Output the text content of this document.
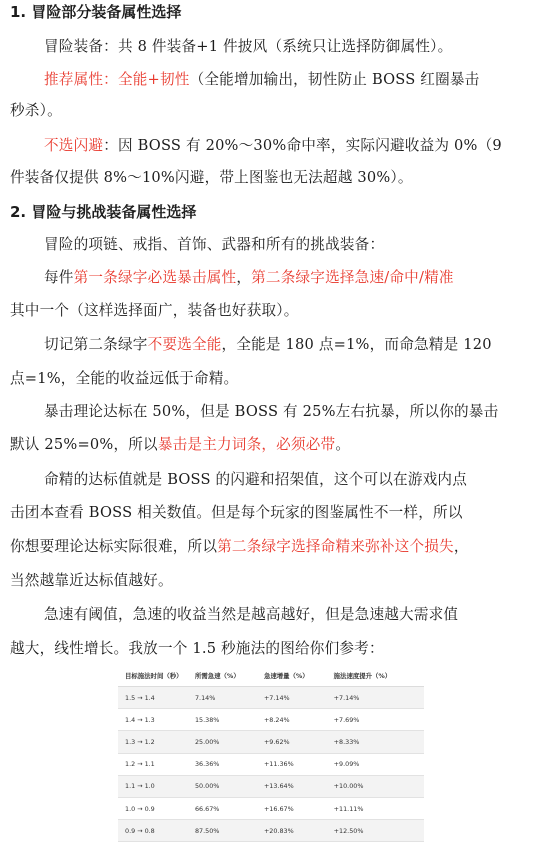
1. 冒险部分装备属性选择
冒险装备：共 8 件装备+1 件披风（系统只让选择防御属性）。
推荐属性：全能+韧性（全能增加输出，韧性防止 BOSS 红圈暴击
秒杀）。
不选闪避：因 BOSS 有 20%～30%命中率，实际闪避收益为 0%（9
件装备仅提供 8%～10%闪避，带上图鉴也无法超越 30%）。
2. 冒险与挑战装备属性选择
冒险的项链、戒指、首饰、武器和所有的挑战装备：
每件第一条绿字必选暴击属性，第二条绿字选择急速/命中/精准
其中一个（这样选择面广，装备也好获取）。
切记第二条绿字不要选全能，全能是 180 点=1%，而命急精是 120
点=1%，全能的收益远低于命精。
暴击理论达标在 50%，但是 BOSS 有 25%左右抗暴，所以你的暴击
默认 25%=0%，所以暴击是主力词条，必须必带。
命精的达标值就是 BOSS 的闪避和招架值，这个可以在游戏内点
击团本查看 BOSS 相关数值。但是每个玩家的图鉴属性不一样，所以
你想要理论达标实际很难，所以第二条绿字选择命精来弥补这个损失，
当然越靠近达标值越好。
急速有阈值，急速的收益当然是越高越好，但是急速越大需求值
越大，线性增长。我放一个 1.5 秒施法的图给你们参考：
目标施法时间（秒）	所需急速（%）	急速增量（%）	施法速度提升（%）
1.5 → 1.4	7.14%	+7.14%	+7.14%
1.4 → 1.3	15.38%	+8.24%	+7.69%
1.3 → 1.2	25.00%	+9.62%	+8.33%
1.2 → 1.1	36.36%	+11.36%	+9.09%
1.1 → 1.0	50.00%	+13.64%	+10.00%
1.0 → 0.9	66.67%	+16.67%	+11.11%
0.9 → 0.8	87.50%	+20.83%	+12.50%
